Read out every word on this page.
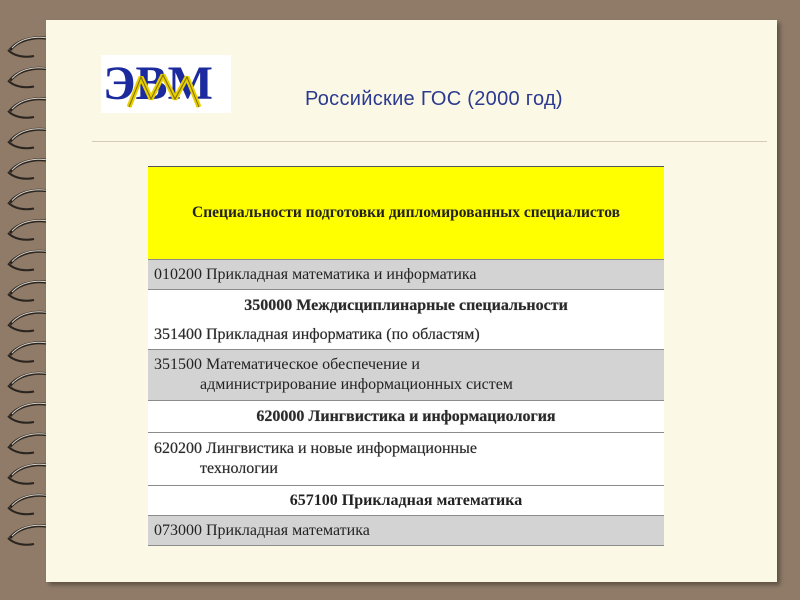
ЭВМ	Российские ГОС (2000 год)
Специальности подготовки дипломированных специалистов
010200 Прикладная математика и информатика

350000 Междисциплинарные специальности

351400 Прикладная информатика (по областям)

351500 Математическое обеспечение и
администрирование информационных систем

620000 Лингвистика и информациология

620200 Лингвистика и новые информационные
технологии

657100 Прикладная математика

073000 Прикладная математика
